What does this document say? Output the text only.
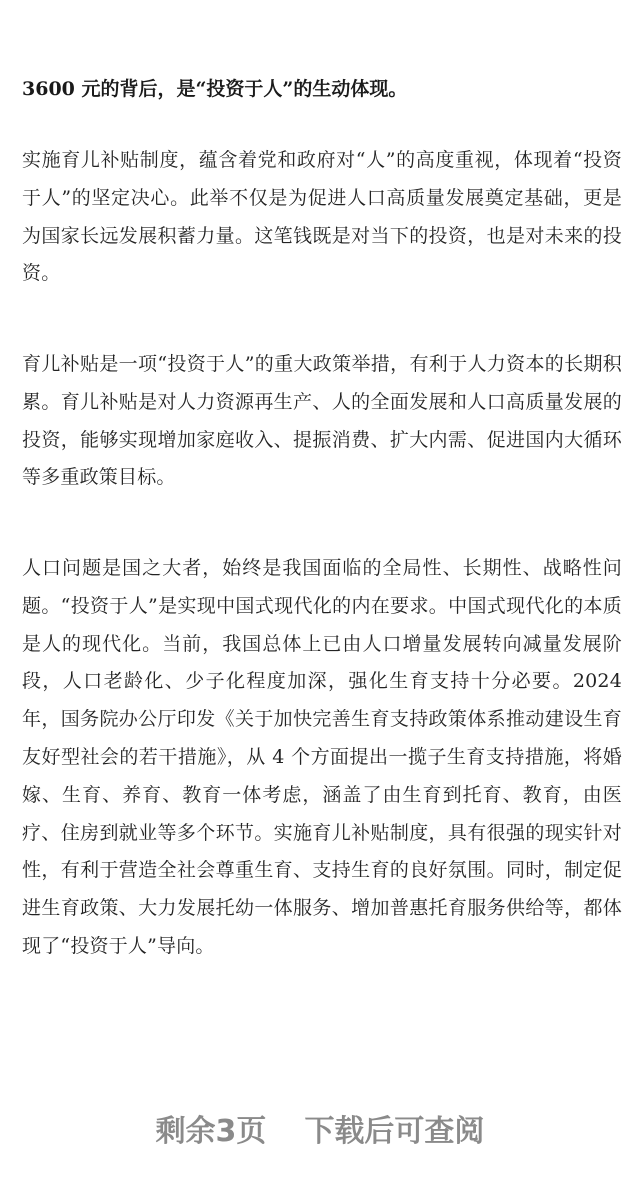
3600 元的背后，是“投资于人”的生动体现。

实施育儿补贴制度，蕴含着党和政府对“人”的高度重视，体现着“投资于人”的坚定决心。此举不仅是为促进人口高质量发展奠定基础，更是为国家长远发展积蓄力量。这笔钱既是对当下的投资，也是对未来的投资。

育儿补贴是一项“投资于人”的重大政策举措，有利于人力资本的长期积累。育儿补贴是对人力资源再生产、人的全面发展和人口高质量发展的投资，能够实现增加家庭收入、提振消费、扩大内需、促进国内大循环等多重政策目标。

人口问题是国之大者，始终是我国面临的全局性、长期性、战略性问题。“投资于人”是实现中国式现代化的内在要求。中国式现代化的本质是人的现代化。当前，我国总体上已由人口增量发展转向减量发展阶段，人口老龄化、少子化程度加深，强化生育支持十分必要。2024年，国务院办公厅印发《关于加快完善生育支持政策体系推动建设生育友好型社会的若干措施》，从 4 个方面提出一揽子生育支持措施，将婚嫁、生育、养育、教育一体考虑，涵盖了由生育到托育、教育，由医疗、住房到就业等多个环节。实施育儿补贴制度，具有很强的现实针对性，有利于营造全社会尊重生育、支持生育的良好氛围。同时，制定促进生育政策、大力发展托幼一体服务、增加普惠托育服务供给等，都体现了“投资于人”导向。

剩余3页 下载后可查阅
